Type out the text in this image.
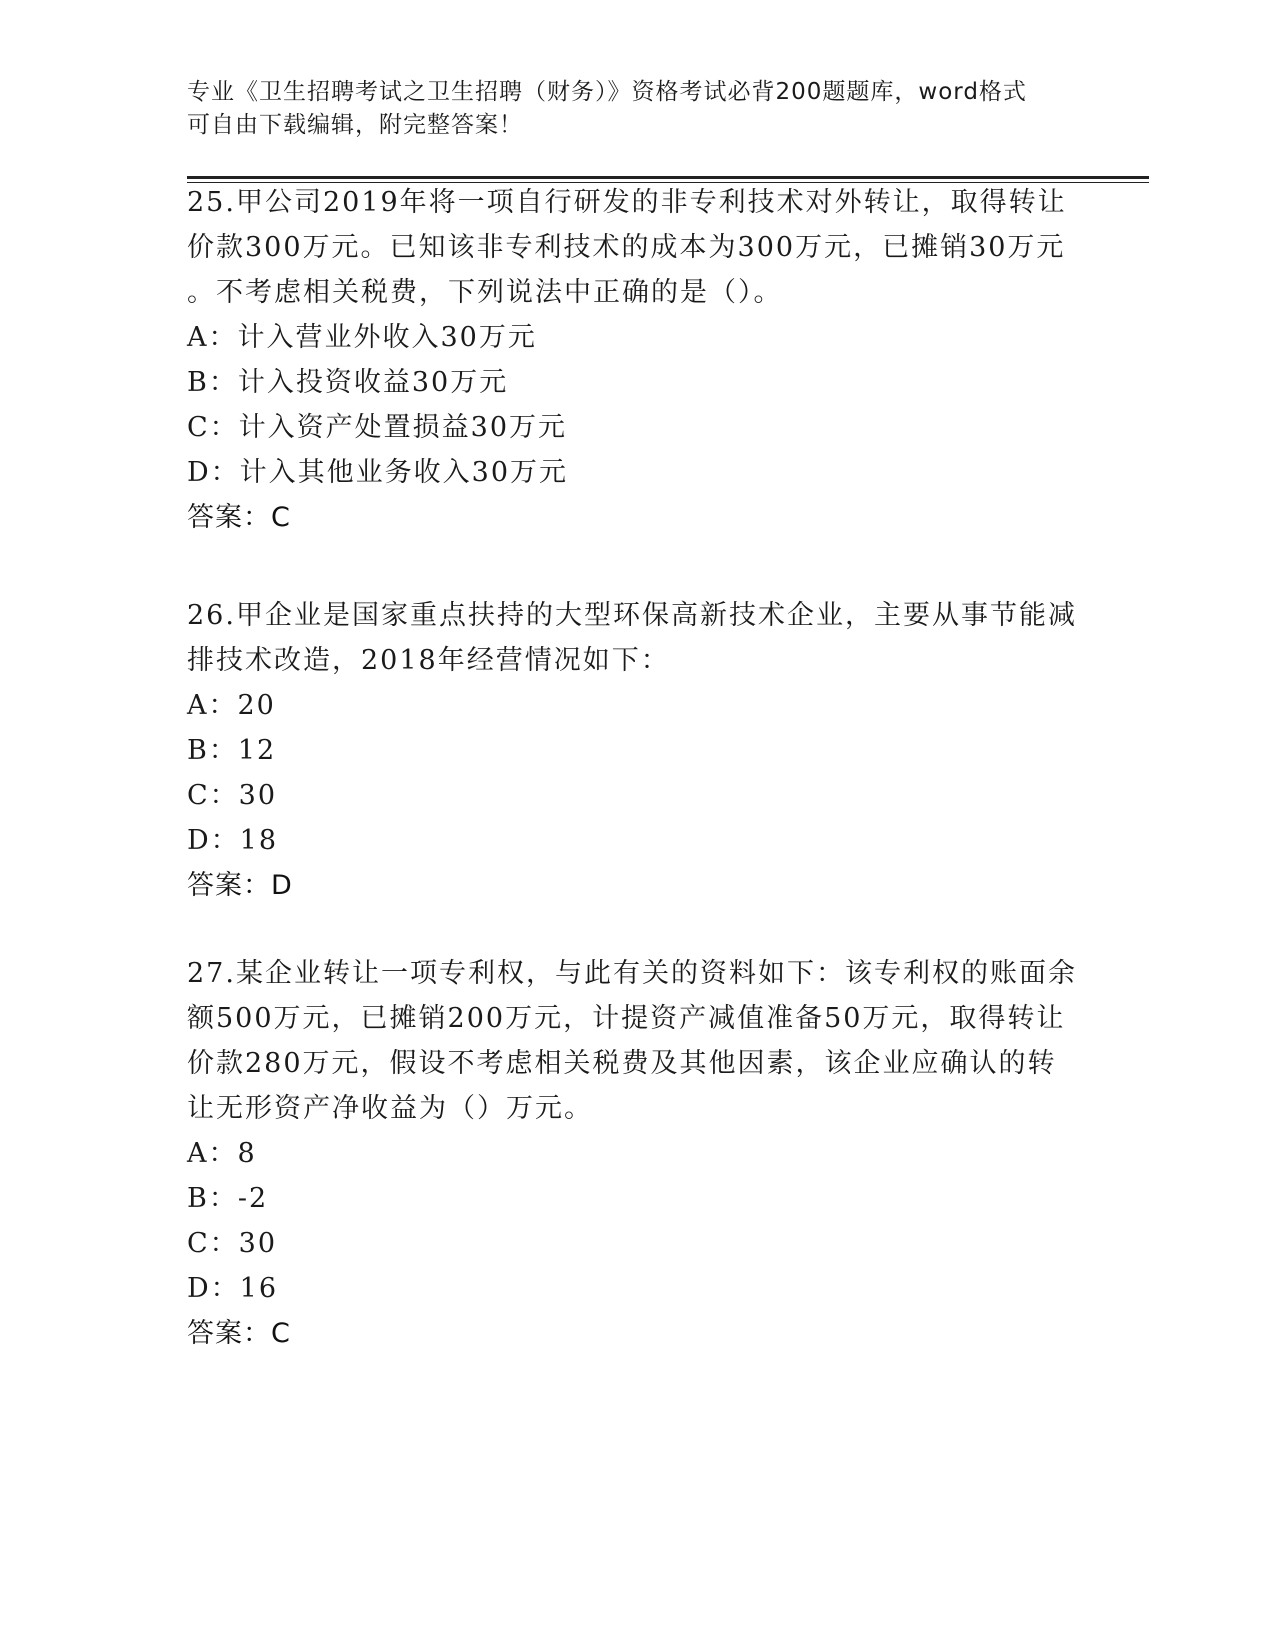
专业《卫生招聘考试之卫生招聘（财务）》资格考试必背200题题库，word格式
可自由下载编辑，附完整答案！
25.甲公司2019年将一项自行研发的非专利技术对外转让，取得转让
价款300万元。已知该非专利技术的成本为300万元，已摊销30万元
。不考虑相关税费，下列说法中正确的是（）。
A：计入营业外收入30万元
B：计入投资收益30万元
C：计入资产处置损益30万元
D：计入其他业务收入30万元
答案：C
26.甲企业是国家重点扶持的大型环保高新技术企业，主要从事节能减
排技术改造，2018年经营情况如下：
A：20
B：12
C：30
D：18
答案：D
27.某企业转让一项专利权，与此有关的资料如下：该专利权的账面余
额500万元，已摊销200万元，计提资产减值准备50万元，取得转让
价款280万元，假设不考虑相关税费及其他因素，该企业应确认的转
让无形资产净收益为（）万元。
A：8
B：-2
C：30
D：16
答案：C
